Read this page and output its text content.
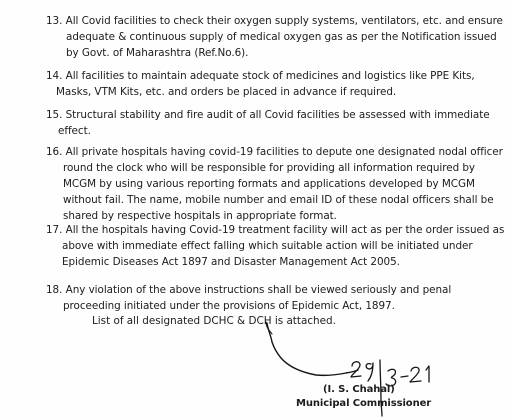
13. All Covid facilities to check their oxygen supply systems, ventilators, etc. and ensure
adequate & continuous supply of medical oxygen gas as per the Notification issued
by Govt. of Maharashtra (Ref.No.6).
14. All facilities to maintain adequate stock of medicines and logistics like PPE Kits,
Masks, VTM Kits, etc. and orders be placed in advance if required.
15. Structural stability and fire audit of all Covid facilities be assessed with immediate
effect.
16. All private hospitals having covid-19 facilities to depute one designated nodal officer
round the clock who will be responsible for providing all information required by
MCGM by using various reporting formats and applications developed by MCGM
without fail. The name, mobile number and email ID of these nodal officers shall be
shared by respective hospitals in appropriate format.
17. All the hospitals having Covid-19 treatment facility will act as per the order issued as
above with immediate effect falling which suitable action will be initiated under
Epidemic Diseases Act 1897 and Disaster Management Act 2005.
18. Any violation of the above instructions shall be viewed seriously and penal
proceeding initiated under the provisions of Epidemic Act, 1897.
List of all designated DCHC & DCH is attached.
(I. S. Chahal)
Municipal Commissioner
